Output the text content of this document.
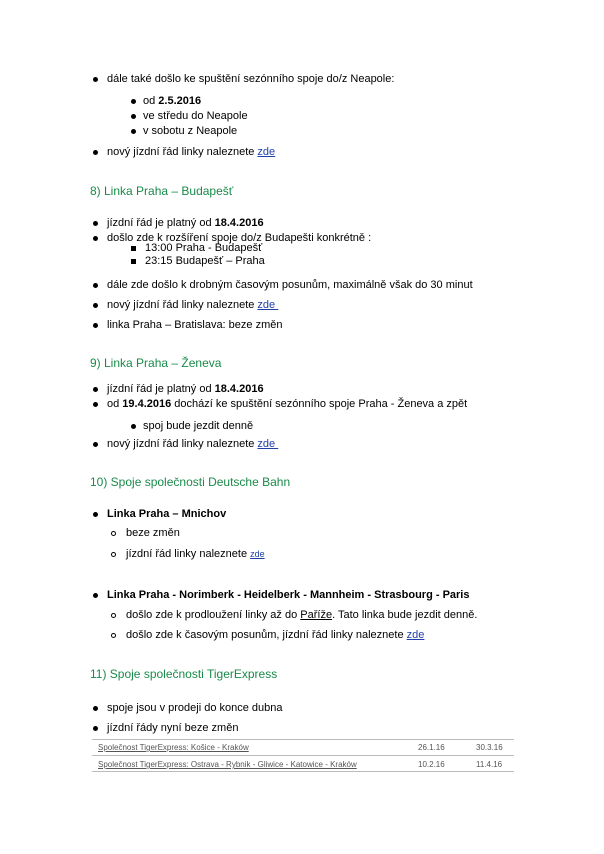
dále také došlo ke spuštění sezónního spoje do/z Neapole:
od 2.5.2016
ve středu do Neapole
v sobotu z Neapole
nový jízdní řád linky naleznete zde
8) Linka Praha – Budapešť
jízdní řád je platný od 18.4.2016
došlo zde k rozšíření spoje do/z Budapešti konkrétně :
13:00 Praha - Budapešť
23:15 Budapešť – Praha
dále zde došlo k drobným časovým posunům, maximálně však do 30 minut
nový jízdní řád linky naleznete zde
linka Praha – Bratislava: beze změn
9) Linka Praha – Ženeva
jízdní řád je platný od 18.4.2016
od 19.4.2016 dochází ke spuštění sezónního spoje Praha - Ženeva a zpět
spoj bude jezdit denně
nový jízdní řád linky naleznete zde
10) Spoje společnosti Deutsche Bahn
Linka Praha – Mnichov
beze změn
jízdní řád linky naleznete zde
Linka Praha - Norimberk - Heidelberk - Mannheim - Strasbourg - Paris
došlo zde k prodloužení linky až do Paříže. Tato linka bude jezdit denně.
došlo zde k časovým posunům, jízdní řád linky naleznete zde
11) Spoje společnosti TigerExpress
spoje jsou v prodeji do konce dubna
jízdní řády nyní beze změn
Společnost TigerExpress: Košice - Kraków	26.1.16	30.3.16
Společnost TigerExpress: Ostrava - Rybnik - Gliwice - Katowice - Kraków	10.2.16	11.4.16
